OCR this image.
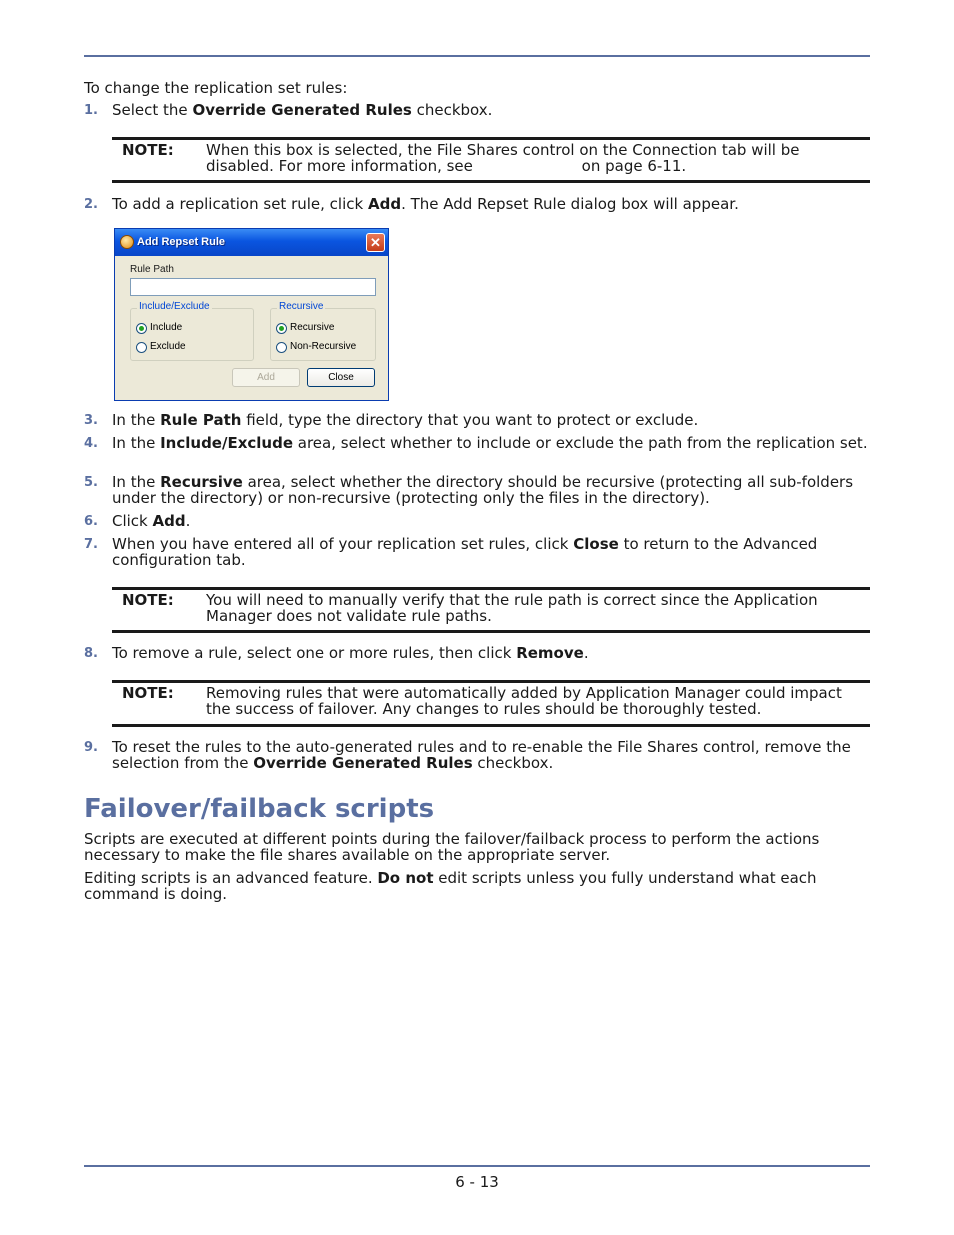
To change the replication set rules:
1. Select the Override Generated Rules checkbox.
NOTE: When this box is selected, the File Shares control on the Connection tab will be disabled. For more information, see	on page 6-11.
2. To add a replication set rule, click Add. The Add Repset Rule dialog box will appear.
Add Repset Rule	✕
Rule Path
Include/Exclude
Include
Exclude
Recursive
Recursive
Non-Recursive
Add	Close
3. In the Rule Path field, type the directory that you want to protect or exclude.
4. In the Include/Exclude area, select whether to include or exclude the path from the replication set.
5. In the Recursive area, select whether the directory should be recursive (protecting all sub-folders under the directory) or non-recursive (protecting only the files in the directory).
6. Click Add.
7. When you have entered all of your replication set rules, click Close to return to the Advanced configuration tab.
NOTE: You will need to manually verify that the rule path is correct since the Application Manager does not validate rule paths.
8. To remove a rule, select one or more rules, then click Remove.
NOTE: Removing rules that were automatically added by Application Manager could impact the success of failover. Any changes to rules should be thoroughly tested.
9. To reset the rules to the auto-generated rules and to re-enable the File Shares control, remove the selection from the Override Generated Rules checkbox.
Failover/failback scripts
Scripts are executed at different points during the failover/failback process to perform the actions necessary to make the file shares available on the appropriate server.
Editing scripts is an advanced feature. Do not edit scripts unless you fully understand what each command is doing.
6 - 13
